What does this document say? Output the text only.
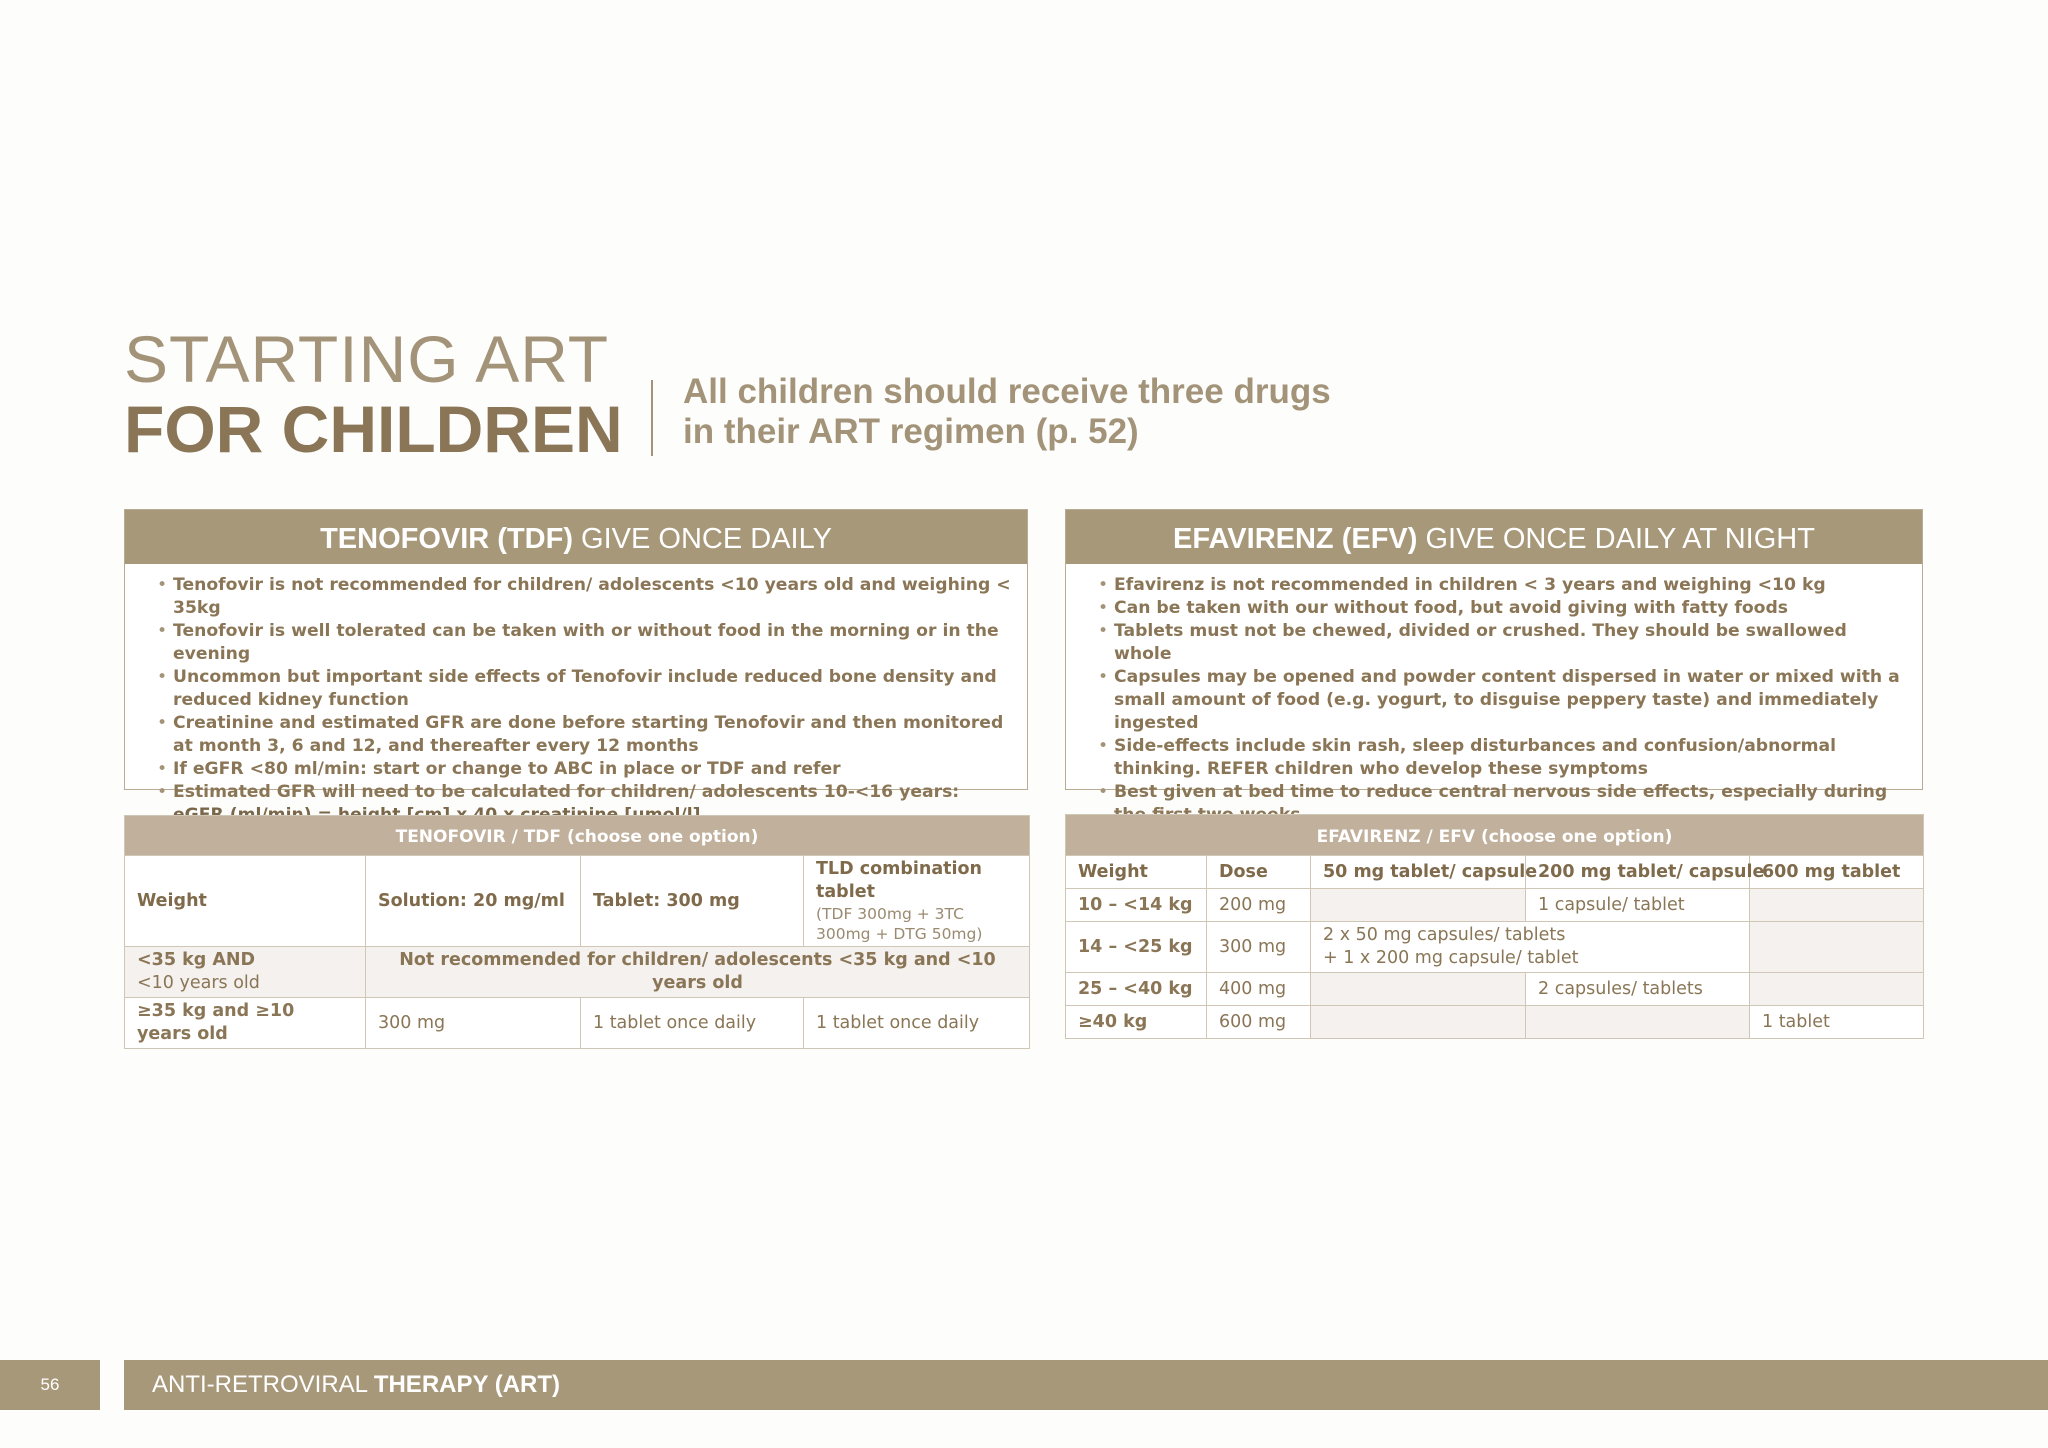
STARTING ART
FOR CHILDREN
All children should receive three drugs in their ART regimen (p. 52)
TENOFOVIR (TDF) GIVE ONCE DAILY
• Tenofovir is not recommended for children/ adolescents <10 years old and weighing < 35kg
• Tenofovir is well tolerated can be taken with or without food in the morning or in the evening
• Uncommon but important side effects of Tenofovir include reduced bone density and reduced kidney function
• Creatinine and estimated GFR are done before starting Tenofovir and then monitored at month 3, 6 and 12, and thereafter every 12 months
• If eGFR <80 ml/min: start or change to ABC in place or TDF and refer
• Estimated GFR will need to be calculated for children/ adolescents 10-<16 years:
EFAVIRENZ (EFV) GIVE ONCE DAILY AT NIGHT
• Efavirenz is not recommended in children < 3 years and weighing <10 kg
• Can be taken with our without food, but avoid giving with fatty foods
• Tablets must not be chewed, divided or crushed. They should be swallowed whole
• Capsules may be opened and powder content dispersed in water or mixed with a small amount of food (e.g. yogurt, to disguise peppery taste) and immediately ingested
• Side-effects include skin rash, sleep disturbances and confusion/abnormal thinking. REFER children who develop these symptoms
• Best given at bed time to reduce central nervous side effects, especially during
TENOFOVIR / TDF (choose one option)			
Weight	Solution: 20 mg/ml	Tablet: 300 mg	TLD combination tablet
(TDF 300mg + 3TC 300mg + DTG 50mg)

<35 kg AND
<10 years old	Not recommended for children/ adolescents <35 kg and <10 years old		
≥35 kg and ≥10 years old	300 mg	1 tablet once daily	1 tablet once daily
EFAVIRENZ / EFV (choose one option)				
Weight	Dose	50 mg tablet/ capsule	200 mg tablet/ capsule	600 mg tablet
10 – <14 kg	200 mg		1 capsule/ tablet	
14 – <25 kg	300 mg	2 x 50 mg capsules/ tablets + 1 x 200 mg capsule/ tablet		

25 – <40 kg	400 mg		2 capsules/ tablets	
≥40 kg	600 mg			1 tablet
56	ANTI-RETROVIRAL THERAPY (ART)
